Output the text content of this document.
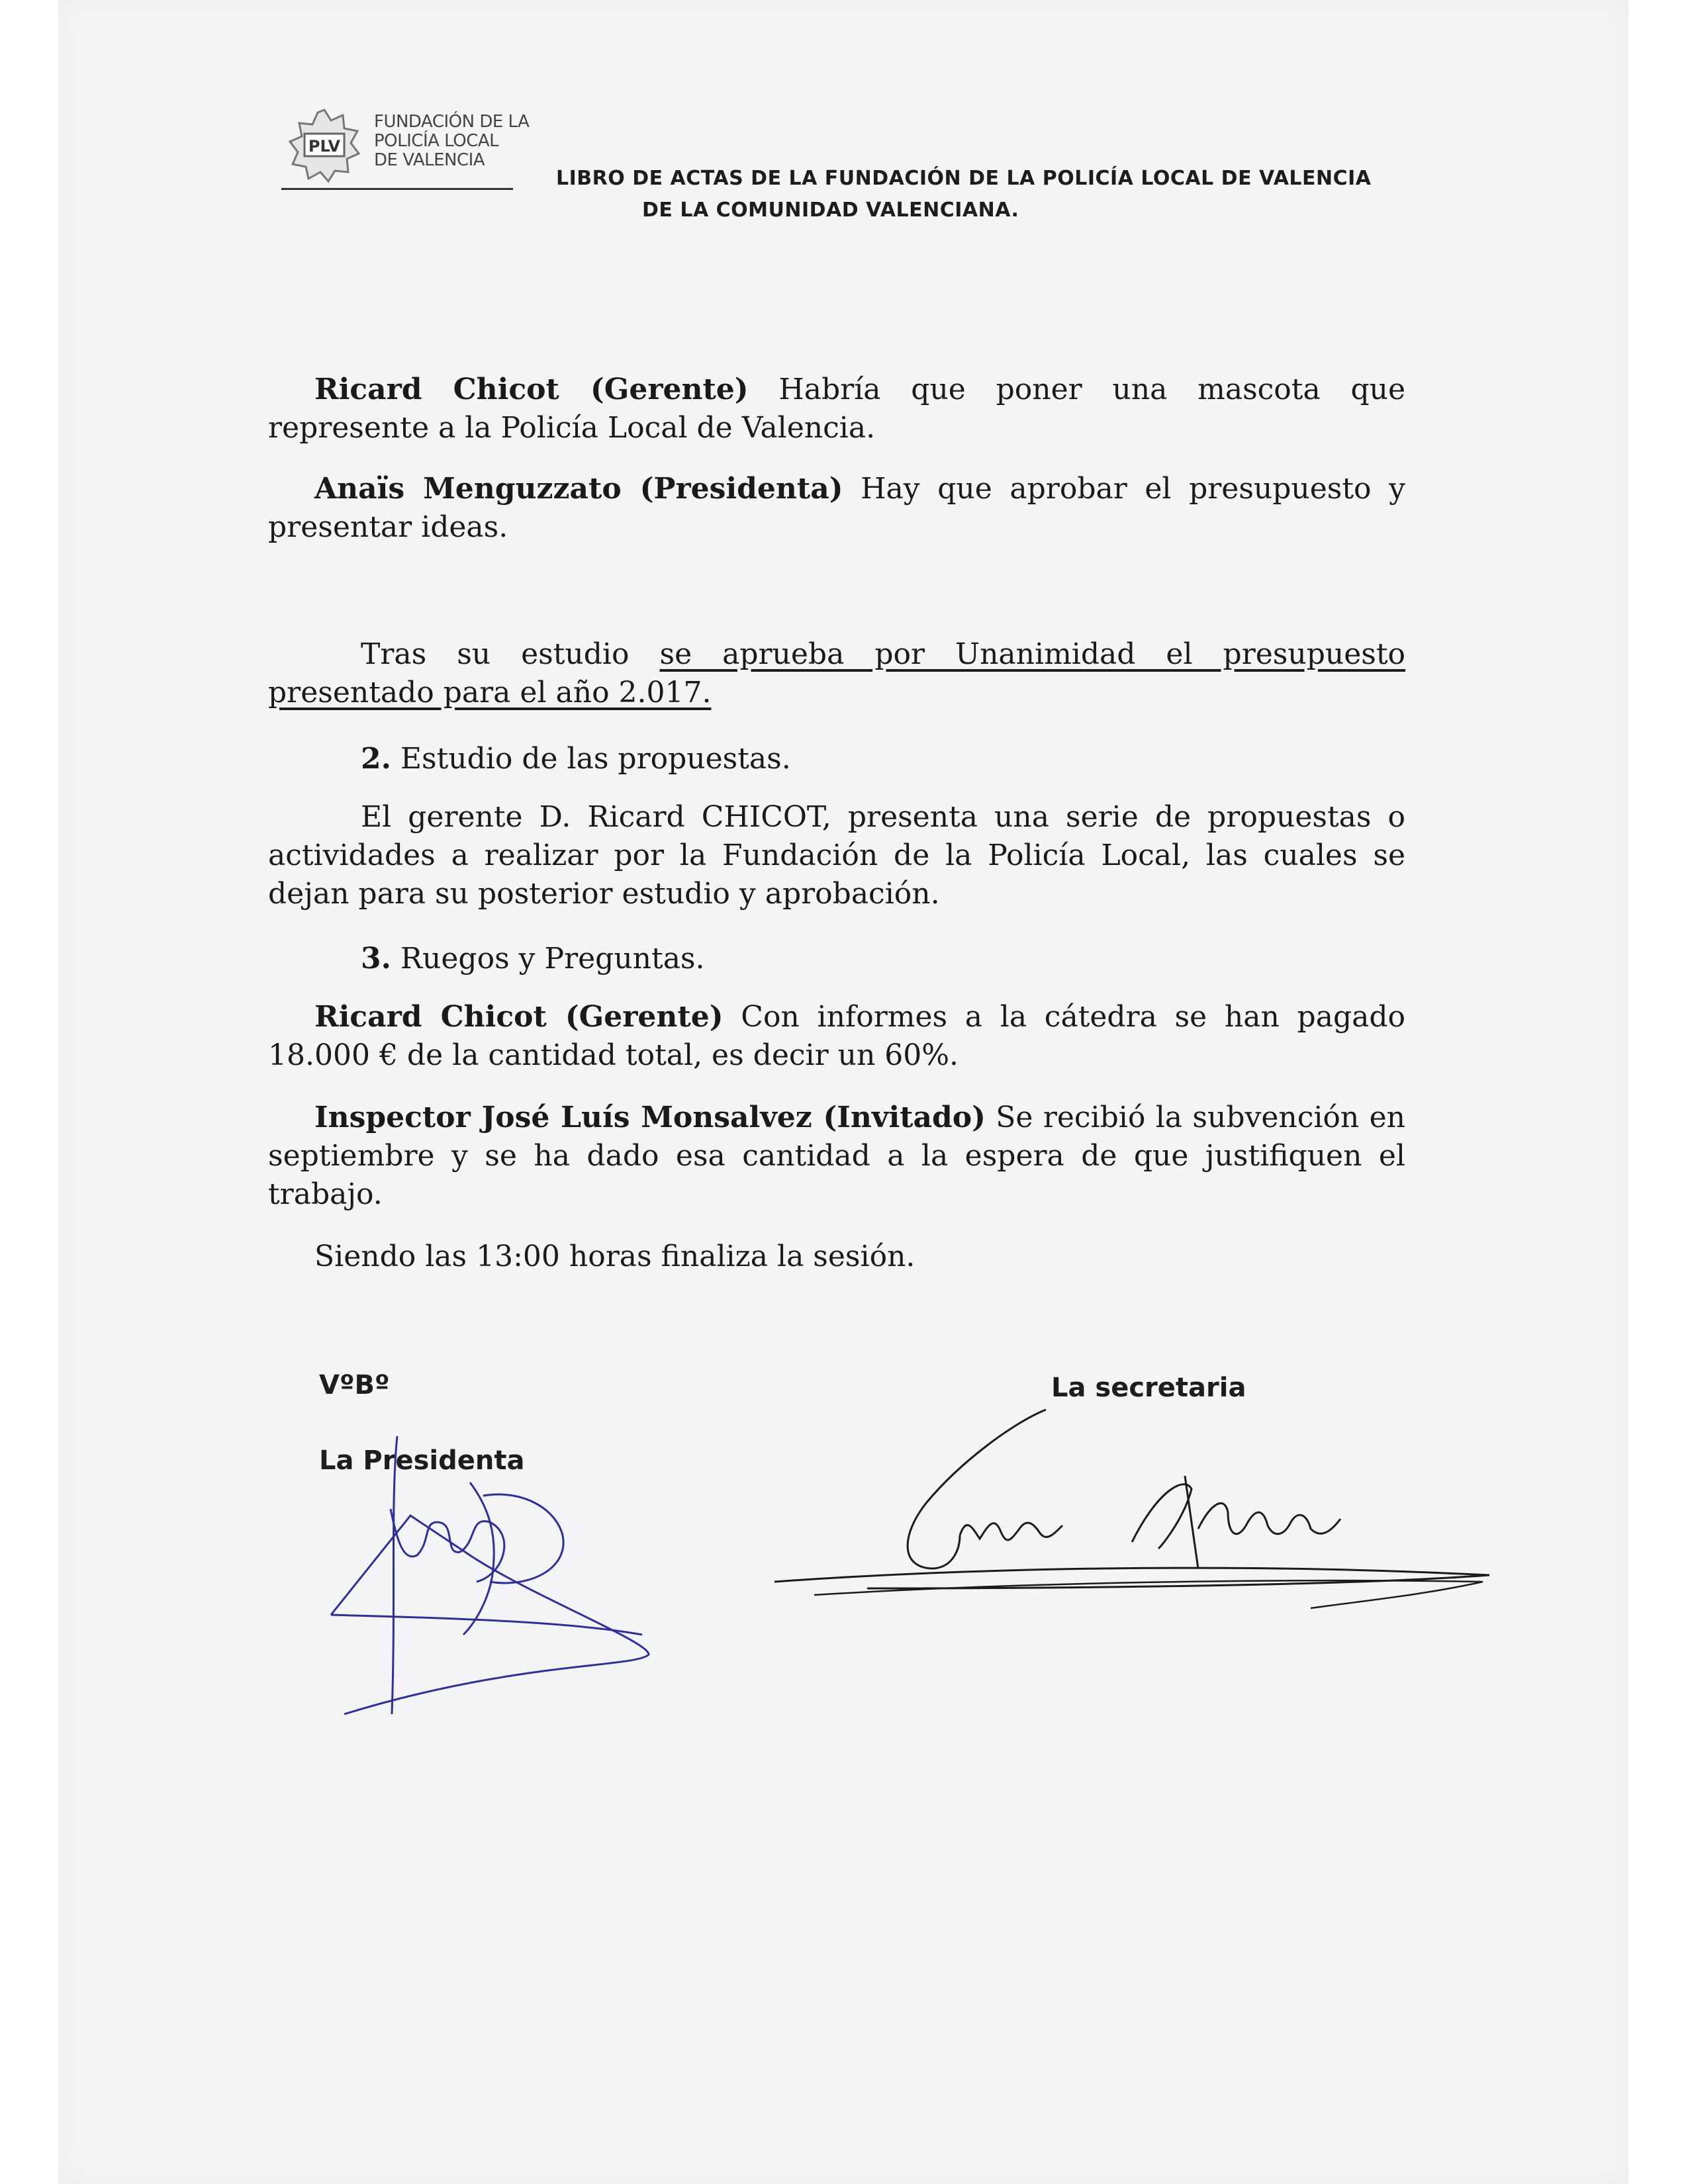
PLV
FUNDACIÓN DE LA
POLICÍA LOCAL
DE VALENCIA
LIBRO DE ACTAS DE LA FUNDACIÓN DE LA POLICÍA LOCAL DE VALENCIA
DE LA COMUNIDAD VALENCIANA.

Ricard Chicot (Gerente) Habría que poner una mascota que represente a la Policía Local de Valencia.

Anaïs Menguzzato (Presidenta) Hay que aprobar el presupuesto y presentar ideas.

Tras su estudio se aprueba por Unanimidad el presupuesto presentado para el año 2.017.

2. Estudio de las propuestas.

El gerente D. Ricard CHICOT, presenta una serie de propuestas o actividades a realizar por la Fundación de la Policía Local, las cuales se dejan para su posterior estudio y aprobación.

3. Ruegos y Preguntas.

Ricard Chicot (Gerente) Con informes a la cátedra se han pagado 18.000 € de la cantidad total, es decir un 60%.

Inspector José Luís Monsalvez (Invitado) Se recibió la subvención en septiembre y se ha dado esa cantidad a la espera de que justifiquen el trabajo.

Siendo las 13:00 horas finaliza la sesión.

VºBº
La Presidenta
La secretaria
